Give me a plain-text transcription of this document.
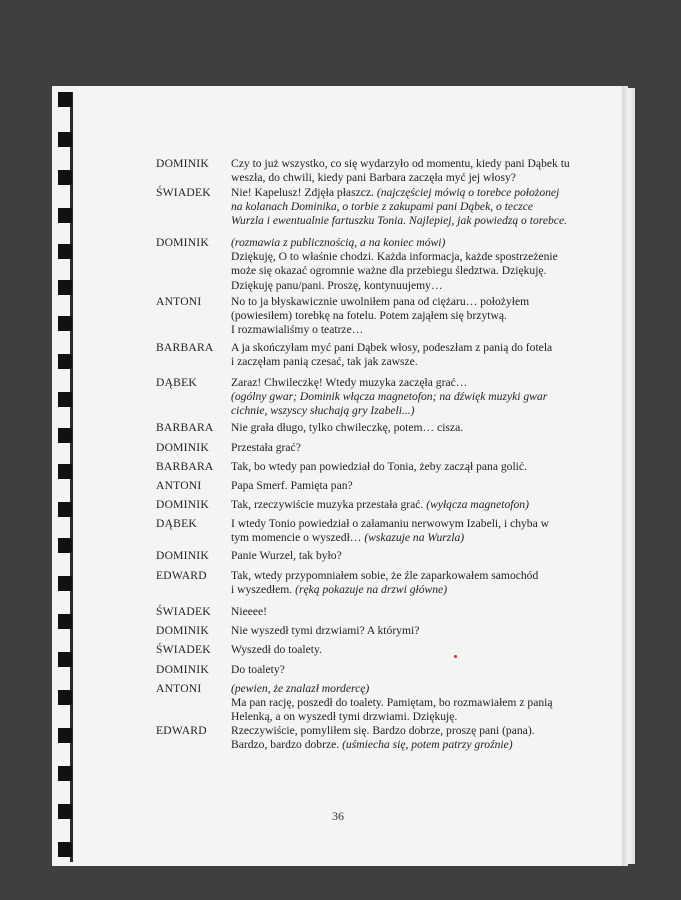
DOMINIK	Czy to już wszystko, co się wydarzyło od momentu, kiedy pani Dąbek tu
weszła, do chwili, kiedy pani Barbara zaczęła myć jej włosy?
ŚWIADEK	Nie! Kapelusz! Zdjęła płaszcz. (najczęściej mówią o torebce położonej
na kolanach Dominika, o torbie z zakupami pani Dąbek, o teczce
Wurzla i ewentualnie fartuszku Tonia. Najlepiej, jak powiedzą o torebce.
DOMINIK	(rozmawia z publicznością, a na koniec mówi)
Dziękuję, O to właśnie chodzi. Każda informacja, każde spostrzeżenie
może się okazać ogromnie ważne dla przebiegu śledztwa. Dziękuję.
Dziękuję panu/pani. Proszę, kontynuujemy…
ANTONI	No to ja błyskawicznie uwolniłem pana od ciężaru… położyłem
(powiesiłem) torebkę na fotelu. Potem zająłem się brzytwą.
I rozmawialiśmy o teatrze…
BARBARA	A ja skończyłam myć pani Dąbek włosy, podeszłam z panią do fotela
i zaczęłam panią czesać, tak jak zawsze.
DĄBEK	Zaraz! Chwileczkę! Wtedy muzyka zaczęła grać…
(ogólny gwar; Dominik włącza magnetofon; na dźwięk muzyki gwar
cichnie, wszyscy słuchają gry Izabeli...)
BARBARA	Nie grała długo, tylko chwileczkę, potem… cisza.
DOMINIK	Przestała grać?
BARBARA	Tak, bo wtedy pan powiedział do Tonia, żeby zaczął pana golić.
ANTONI	Papa Smerf. Pamięta pan?
DOMINIK	Tak, rzeczywiście muzyka przestała grać. (wyłącza magnetofon)
DĄBEK	I wtedy Tonio powiedział o załamaniu nerwowym Izabeli, i chyba w
tym momencie o wyszedł… (wskazuje na Wurzla)
DOMINIK	Panie Wurzel, tak było?
EDWARD	Tak, wtedy przypomniałem sobie, że źle zaparkowałem samochód
i wyszedłem. (ręką pokazuje na drzwi główne)
ŚWIADEK	Nieeee!
DOMINIK	Nie wyszedł tymi drzwiami? A którymi?
ŚWIADEK	Wyszedł do toalety.
DOMINIK	Do toalety?
ANTONI	(pewien, że znalazł mordercę)
Ma pan rację, poszedł do toalety. Pamiętam, bo rozmawiałem z panią
Helenką, a on wyszedł tymi drzwiami. Dziękuję.
EDWARD	Rzeczywiście, pomyliłem się. Bardzo dobrze, proszę pani (pana).
Bardzo, bardzo dobrze. (uśmiecha się, potem patrzy groźnie)
36
